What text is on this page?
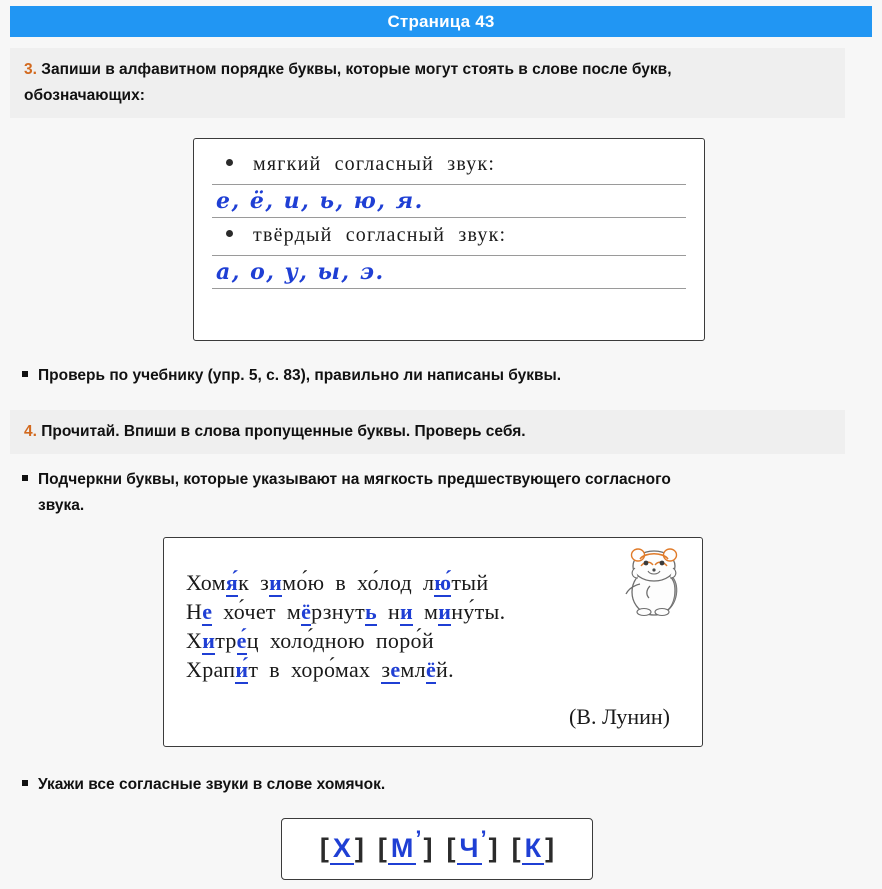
Страница 43
3. Запиши в алфавитном порядке буквы, которые могут стоять в слове после букв,
обозначающих:
мягкий согласный звук:
е, ё, и, ь, ю, я.
твёрдый согласный звук:
а, о, у, ы, э.
Проверь по учебнику (упр. 5, с. 83), правильно ли написаны буквы.
4. Прочитай. Впиши в слова пропущенные буквы. Проверь себя.
Подчеркни буквы, которые указывают на мягкость предшествующего согласного
звука.
Хомя́к зимо́ю в хо́лод лю́тый
Не хо́чет мёрзнуть ни мину́ты.
Хитре́ц холо́дною поро́й
Храпи́т в хоро́мах землёй.
(В. Лунин)
Укажи все согласные звуки в слове хомячок.
[ Х ] [ М ’ ] [ Ч ’ ] [ К ]
